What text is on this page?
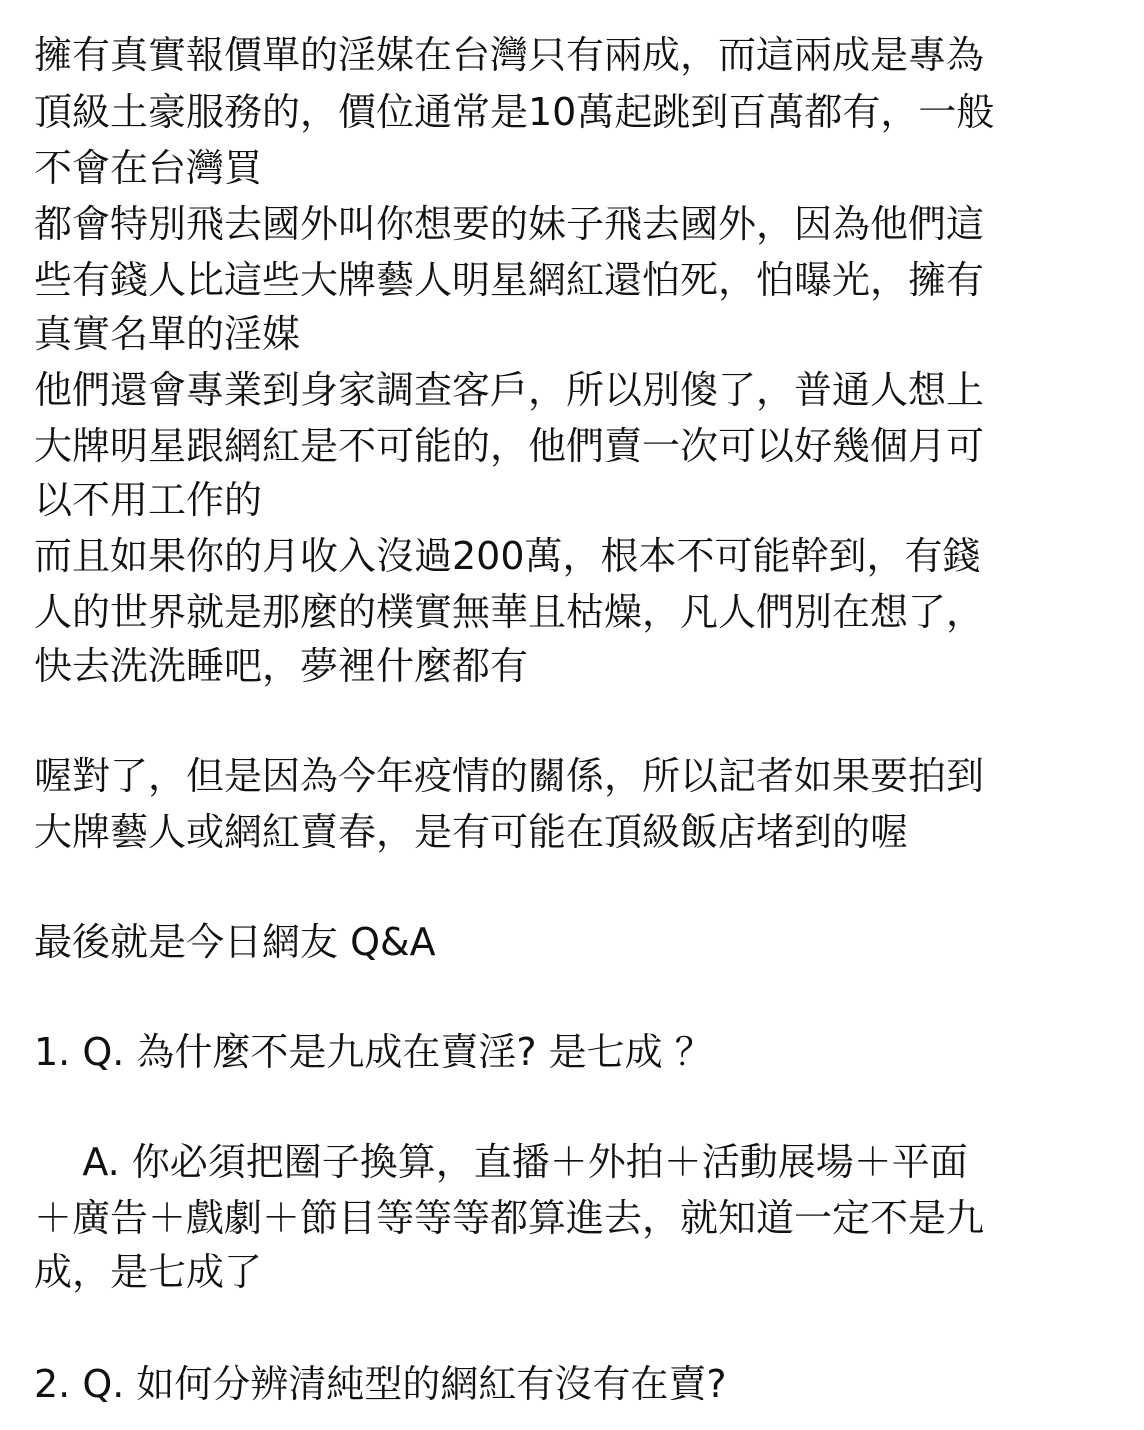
擁有真實報價單的淫媒在台灣只有兩成，而這兩成是專為
頂級土豪服務的，價位通常是10萬起跳到百萬都有，一般
不會在台灣買
都會特別飛去國外叫你想要的妹子飛去國外，因為他們這
些有錢人比這些大牌藝人明星網紅還怕死，怕曝光，擁有
真實名單的淫媒
他們還會專業到身家調查客戶，所以別傻了，普通人想上
大牌明星跟網紅是不可能的，他們賣一次可以好幾個月可
以不用工作的
而且如果你的月收入沒過200萬，根本不可能幹到，有錢
人的世界就是那麼的樸實無華且枯燥，凡人們別在想了，
快去洗洗睡吧，夢裡什麼都有
喔對了，但是因為今年疫情的關係，所以記者如果要拍到
大牌藝人或網紅賣春，是有可能在頂級飯店堵到的喔
最後就是今日網友 Q&A
1. Q. 為什麼不是九成在賣淫? 是七成 ？
A. 你必須把圈子換算，直播＋外拍＋活動展場＋平面
＋廣告＋戲劇＋節目等等等都算進去，就知道一定不是九
成，是七成了
2. Q. 如何分辨清純型的網紅有沒有在賣?
